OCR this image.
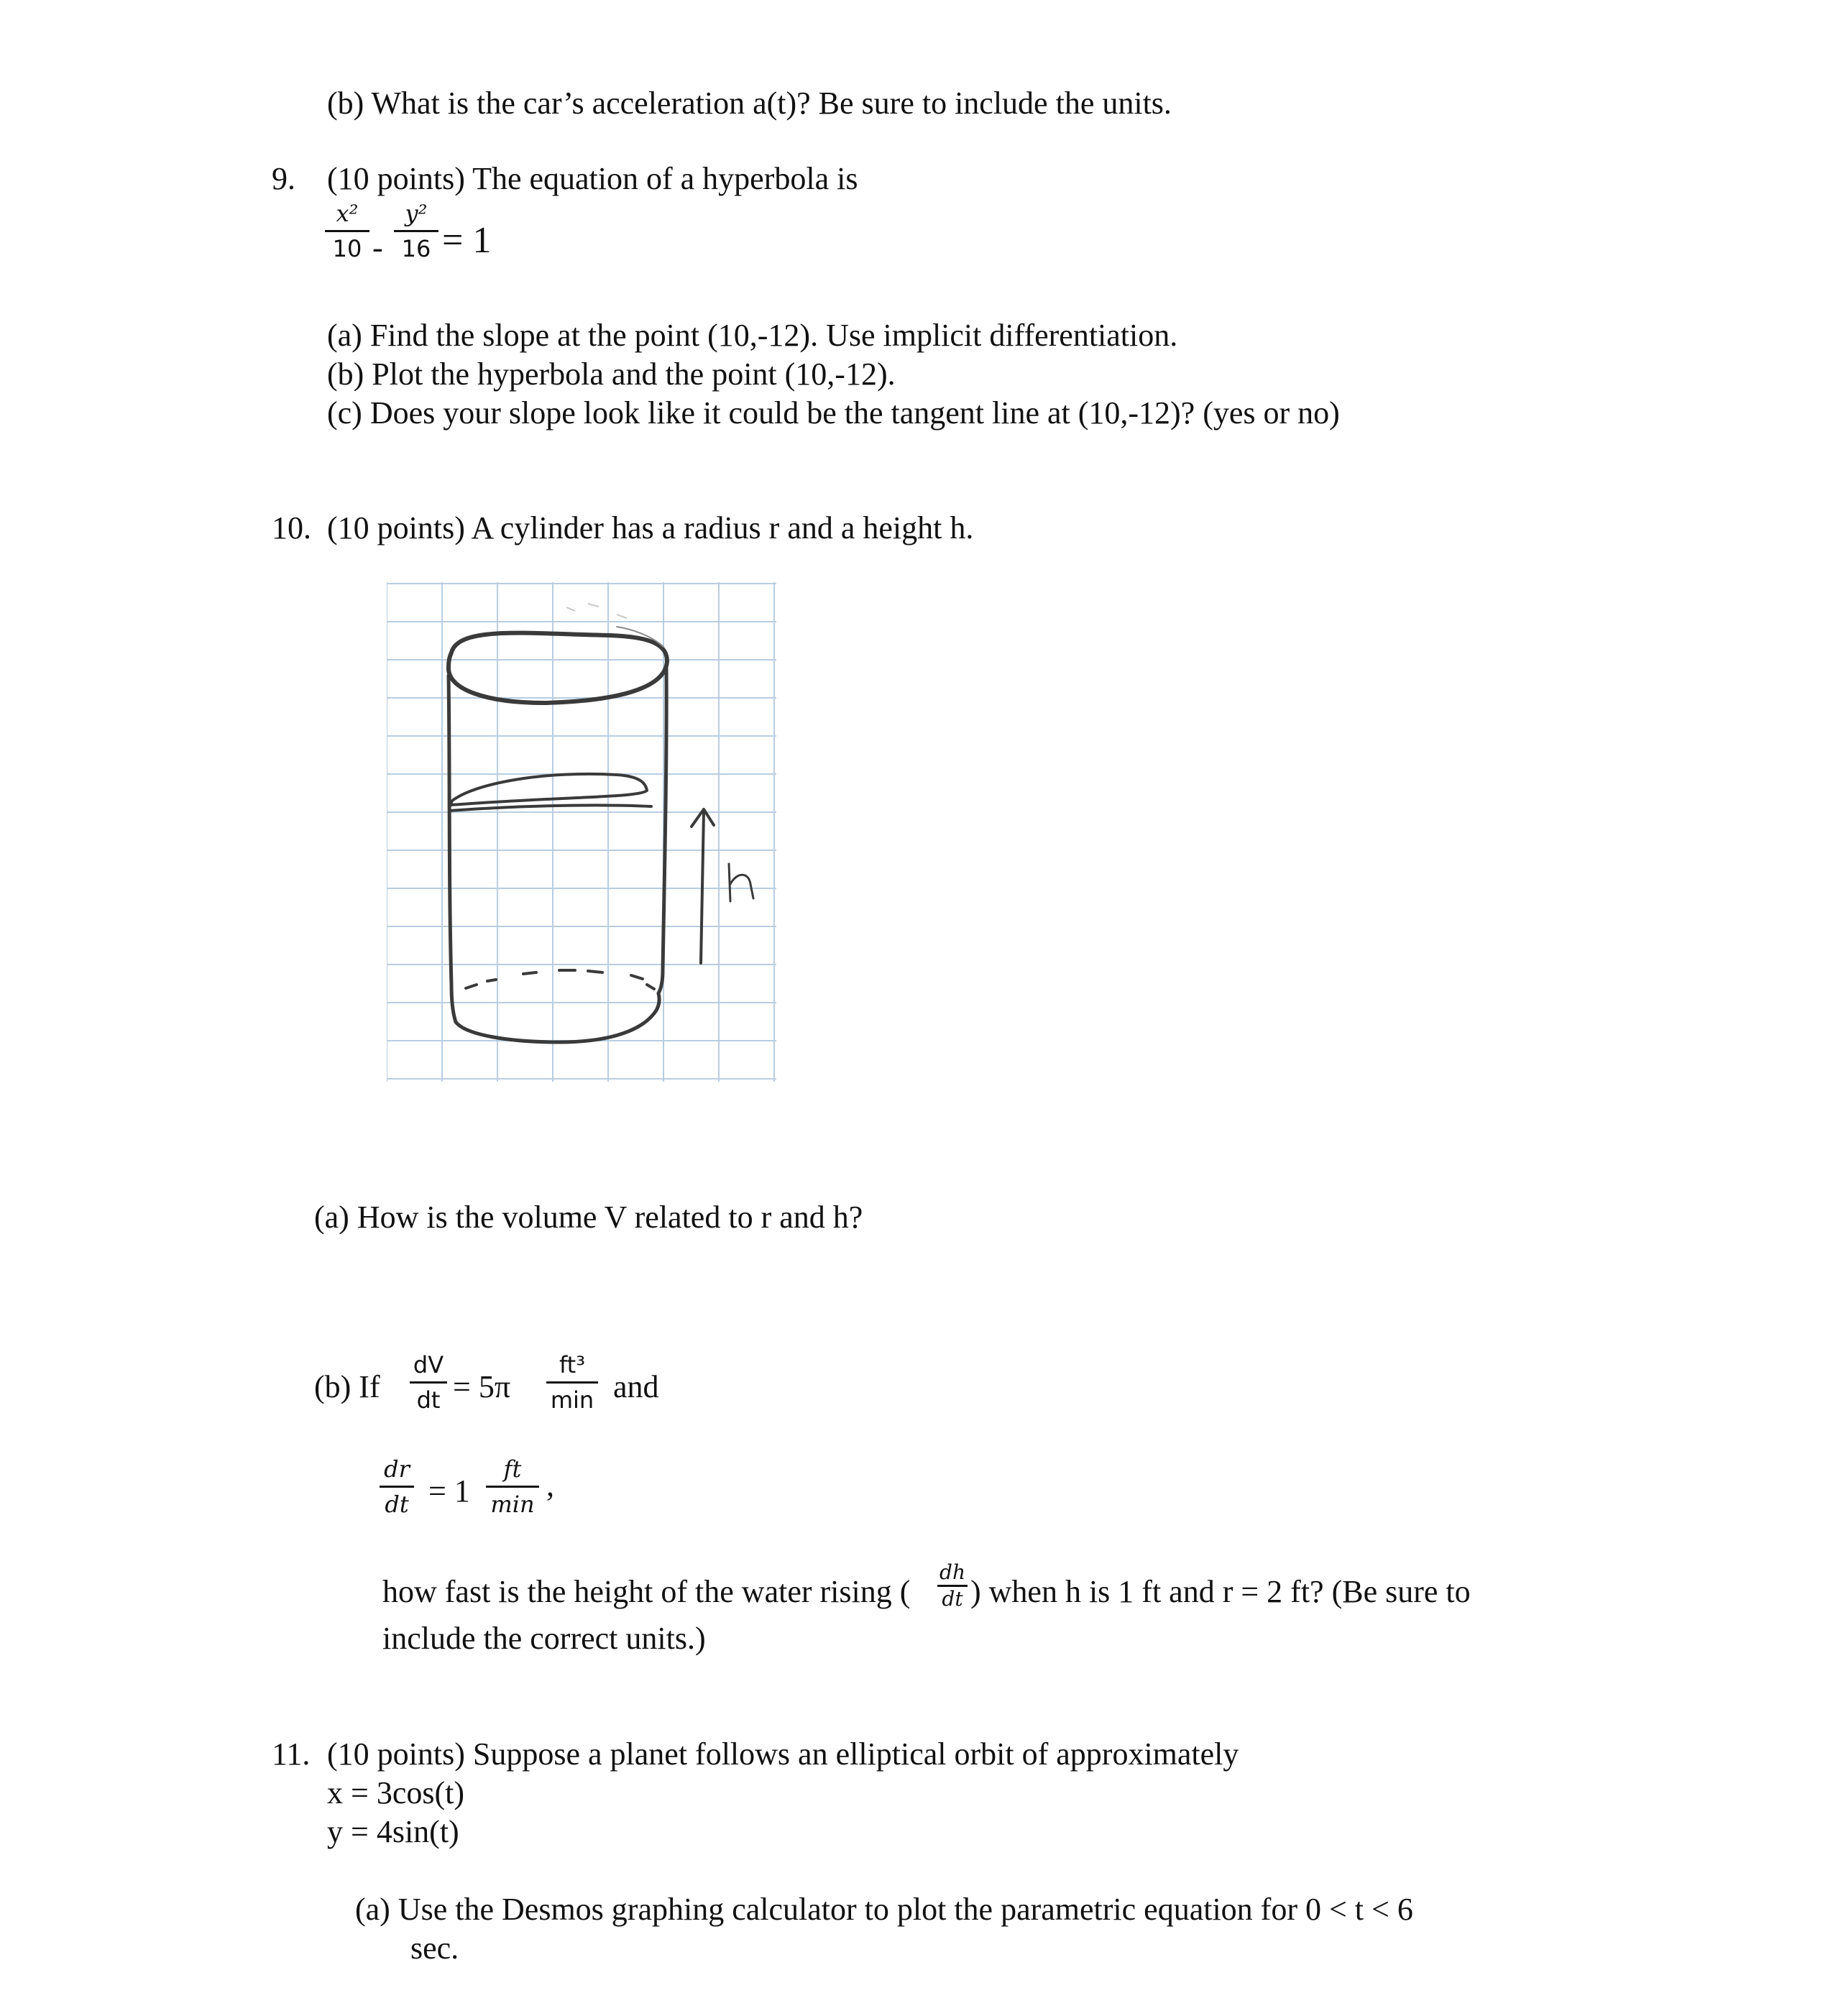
(b) What is the car’s acceleration a(t)? Be sure to include the units.
9. (10 points) The equation of a hyperbola is
x²
10 -
y²
16 = 1
(a) Find the slope at the point (10,-12). Use implicit differentiation.
(b) Plot the hyperbola and the point (10,-12).
(c) Does your slope look like it could be the tangent line at (10,-12)? (yes or no)
10. (10 points) A cylinder has a radius r and a height h.
(a) How is the volume V related to r and h?
(b) If
dV
dt = 5π
ft³
min and
dr
dt = 1
ft
min
,
how fast is the height of the water rising (
dh
dt ) when h is 1 ft and r = 2 ft? (Be sure to
include the correct units.)
11. (10 points) Suppose a planet follows an elliptical orbit of approximately
x = 3cos(t)
y = 4sin(t)
(a) Use the Desmos graphing calculator to plot the parametric equation for 0 < t < 6
sec.
